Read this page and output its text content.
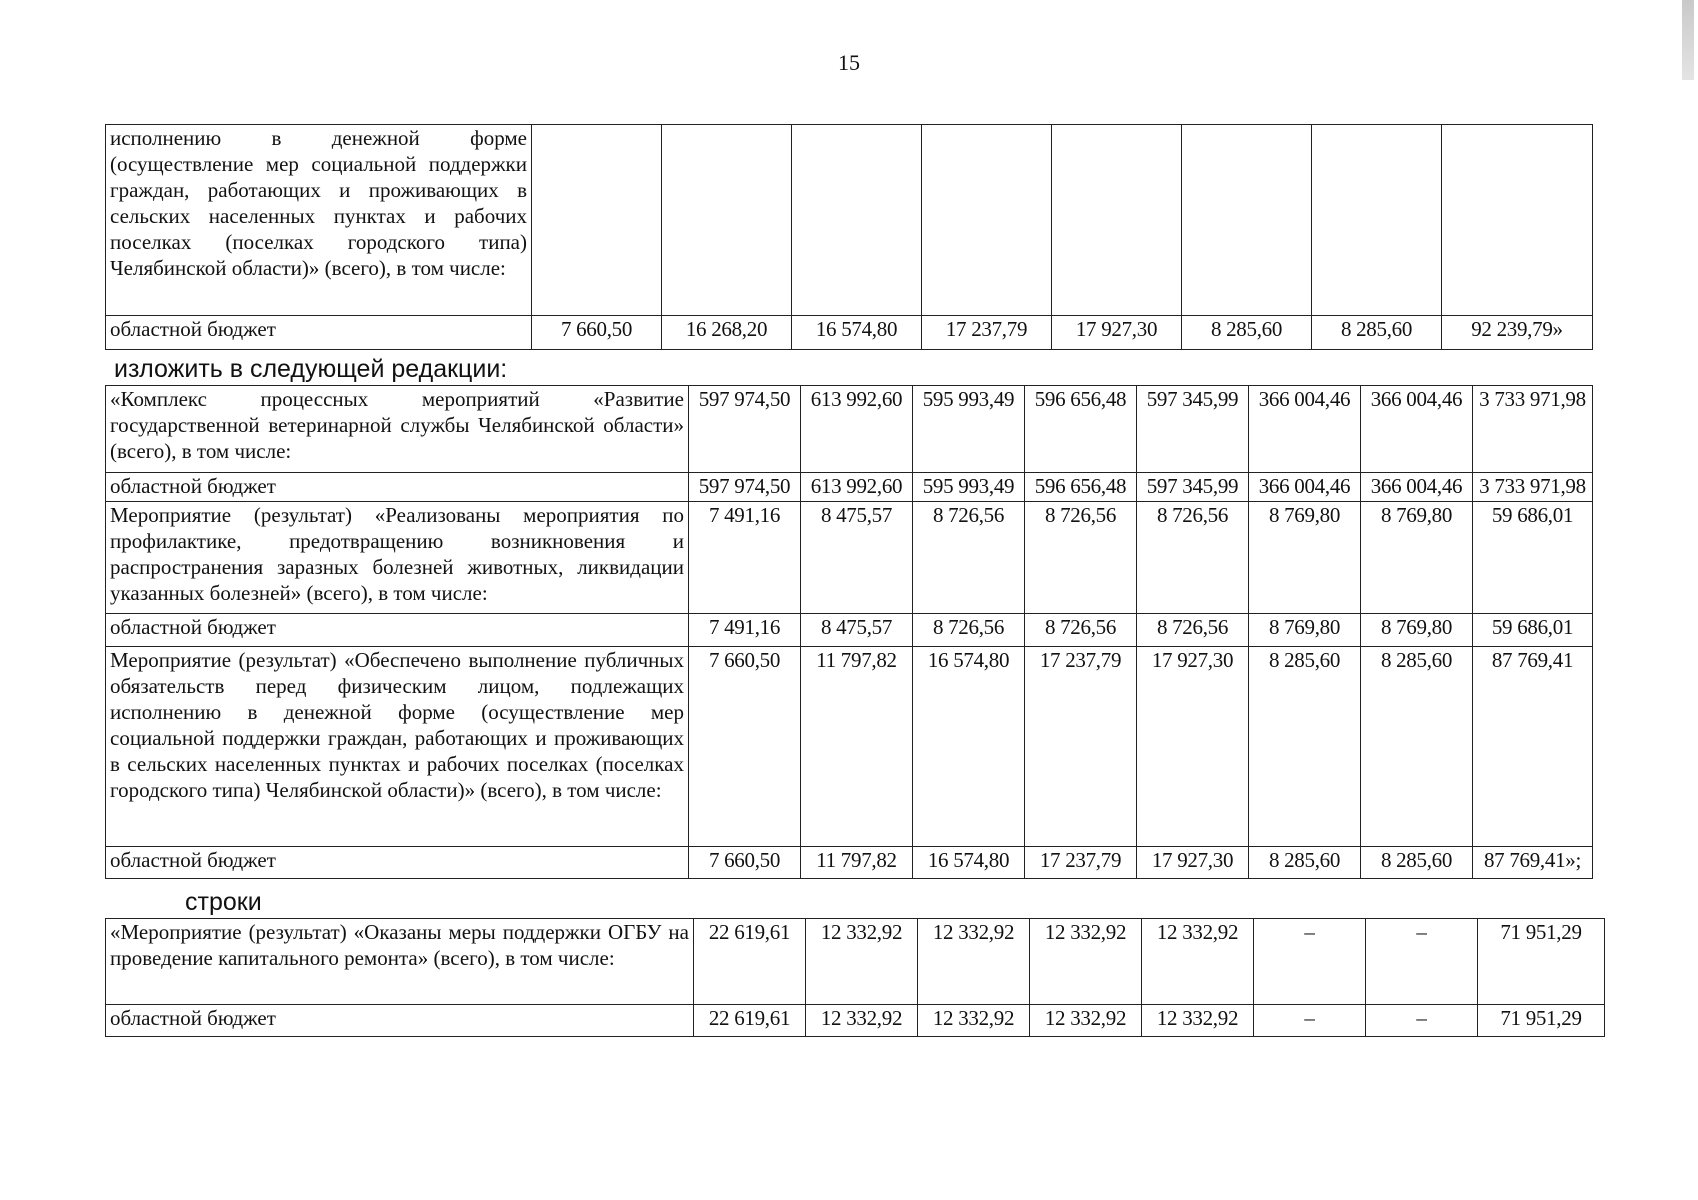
15
исполнению в денежной форме (осуществление мер социальной поддержки граждан, работающих и проживающих в сельских населенных пунктах и рабочих поселках (поселках городского типа) Челябинской области)» (всего), в том числе:								
областной бюджет	7 660,50	16 268,20	16 574,80	17 237,79	17 927,30	8 285,60	8 285,60	92 239,79»
изложить в следующей редакции:
«Комплекс процессных мероприятий «Развитие государственной ветеринарной службы Челябинской области» (всего), в том числе:	597 974,50	613 992,60	595 993,49	596 656,48	597 345,99	366 004,46	366 004,46	3 733 971,98
областной бюджет	597 974,50	613 992,60	595 993,49	596 656,48	597 345,99	366 004,46	366 004,46	3 733 971,98
Мероприятие (результат) «Реализованы мероприятия по профилактике, предотвращению возникновения и распространения заразных болезней животных, ликвидации указанных болезней» (всего), в том числе:	7 491,16	8 475,57	8 726,56	8 726,56	8 726,56	8 769,80	8 769,80	59 686,01
областной бюджет	7 491,16	8 475,57	8 726,56	8 726,56	8 726,56	8 769,80	8 769,80	59 686,01
Мероприятие (результат) «Обеспечено выполнение публичных обязательств перед физическим лицом, подлежащих исполнению в денежной форме (осуществление мер социальной поддержки граждан, работающих и проживающих в сельских населенных пунктах и рабочих поселках (поселках городского типа) Челябинской области)» (всего), в том числе:	7 660,50	11 797,82	16 574,80	17 237,79	17 927,30	8 285,60	8 285,60	87 769,41
областной бюджет	7 660,50	11 797,82	16 574,80	17 237,79	17 927,30	8 285,60	8 285,60	87 769,41»;
строки
«Мероприятие (результат) «Оказаны меры поддержки ОГБУ на проведение капитального ремонта» (всего), в том числе:	22 619,61	12 332,92	12 332,92	12 332,92	12 332,92	–	–	71 951,29
областной бюджет	22 619,61	12 332,92	12 332,92	12 332,92	12 332,92	–	–	71 951,29
